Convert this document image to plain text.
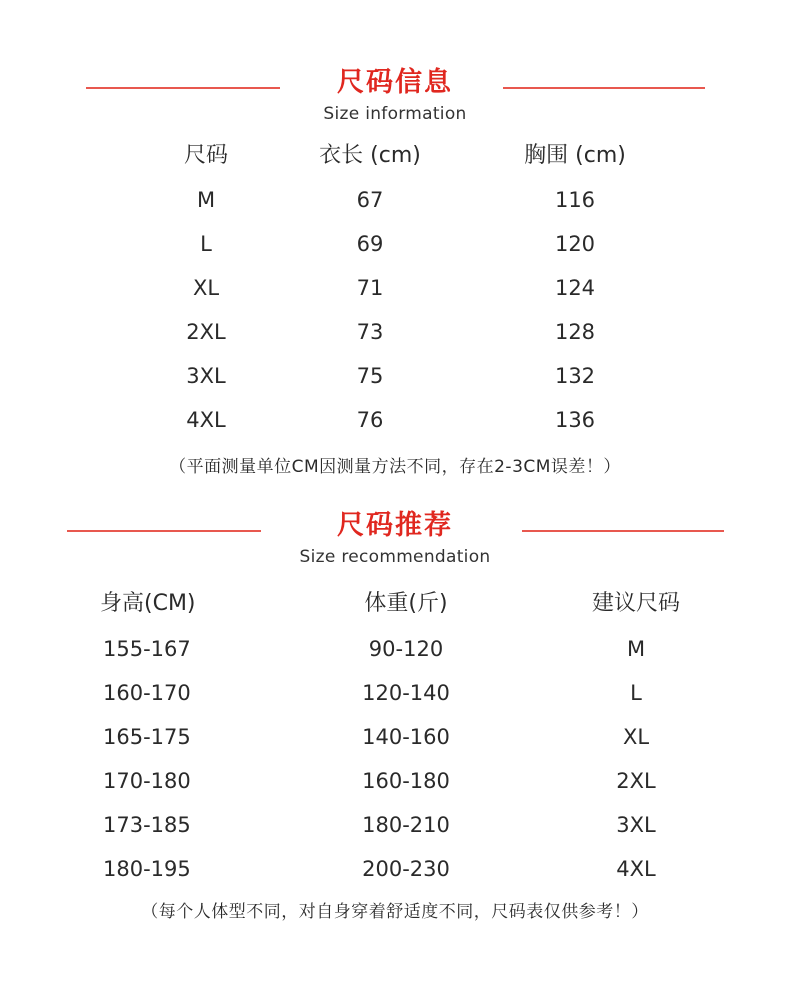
尺码信息
Size information
尺码	衣长 (cm)	胸围 (cm)
M	67	116
L	69	120
XL	71	124
2XL	73	128
3XL	75	132
4XL	76	136
（平面测量单位CM因测量方法不同，存在2-3CM误差！）
尺码推荐
Size recommendation
身高(CM)	体重(斤)	建议尺码
155-167	90-120	M
160-170	120-140	L
165-175	140-160	XL
170-180	160-180	2XL
173-185	180-210	3XL
180-195	200-230	4XL
（每个人体型不同，对自身穿着舒适度不同，尺码表仅供参考！）
